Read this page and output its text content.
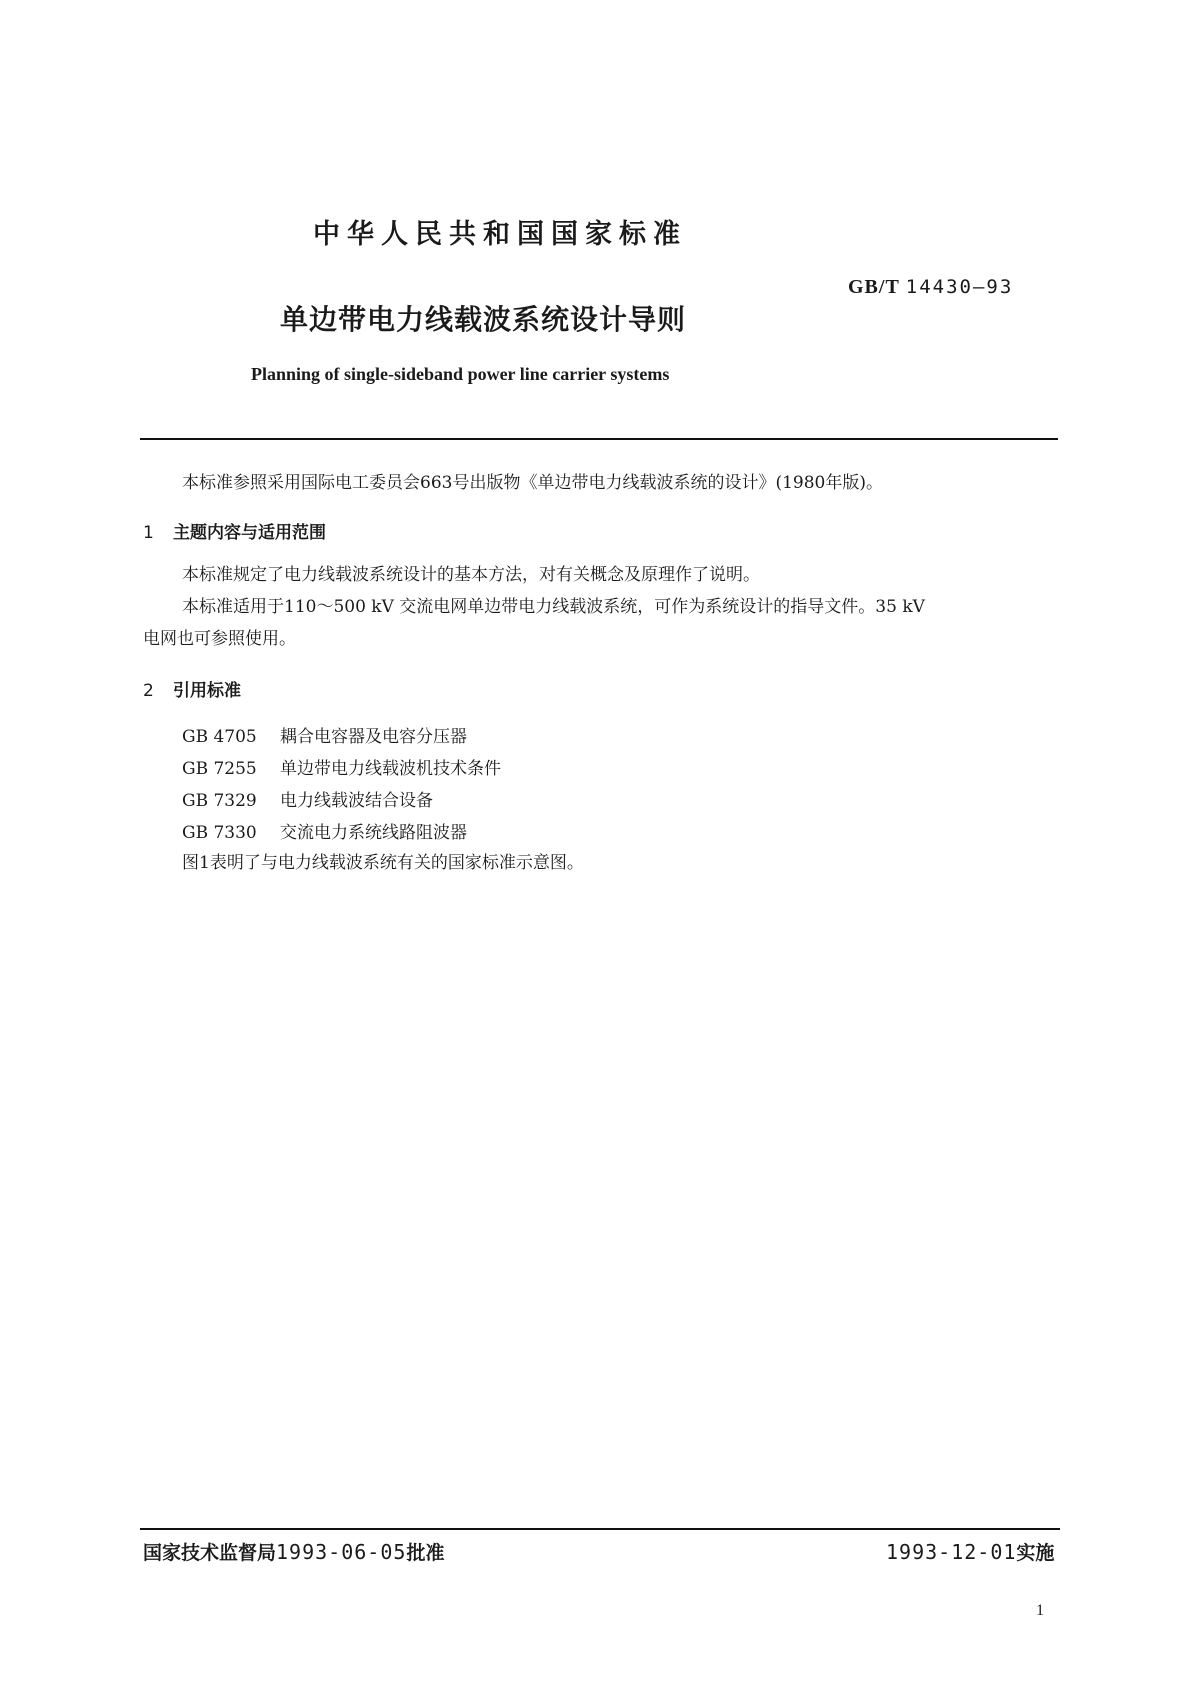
中华人民共和国国家标准
GB/T 14430—93
单边带电力线载波系统设计导则
Planning of single-sideband power line carrier systems
本标准参照采用国际电工委员会663号出版物《单边带电力线载波系统的设计》(1980年版)。
1 主题内容与适用范围
本标准规定了电力线载波系统设计的基本方法，对有关概念及原理作了说明。
本标准适用于110～500 kV 交流电网单边带电力线载波系统，可作为系统设计的指导文件。35 kV
电网也可参照使用。
2 引用标准
GB 4705 耦合电容器及电容分压器
GB 7255 单边带电力线载波机技术条件
GB 7329 电力线载波结合设备
GB 7330 交流电力系统线路阻波器
图1表明了与电力线载波系统有关的国家标准示意图。
国家技术监督局1993-06-05批准	1993-12-01实施
1
